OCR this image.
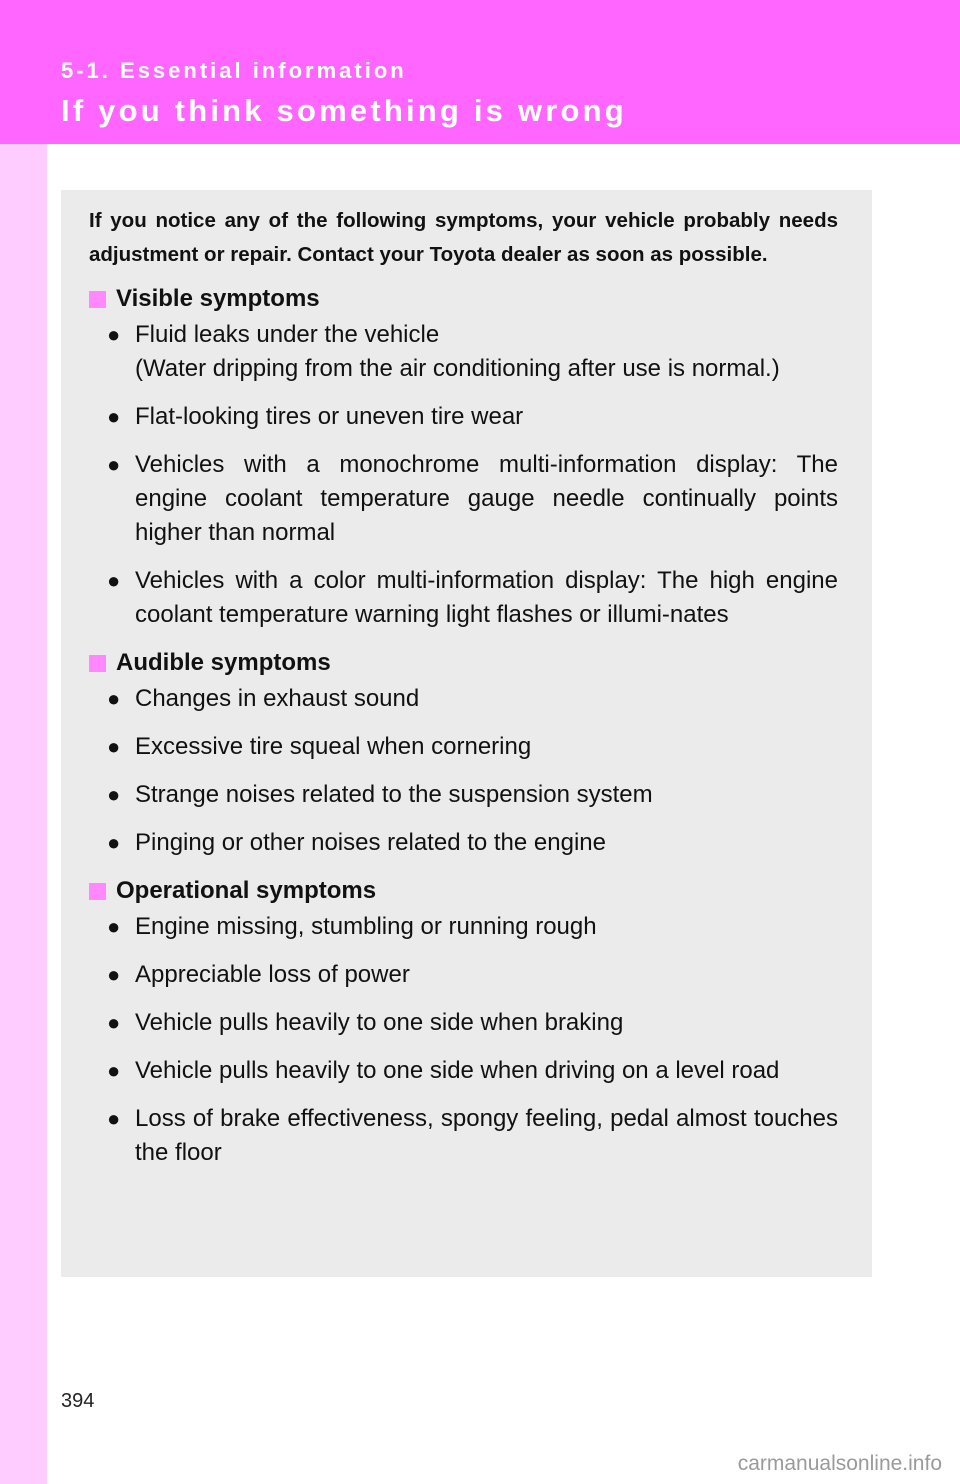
5-1. Essential information
If you think something is wrong

If you notice any of the following symptoms, your vehicle probably needs adjustment or repair. Contact your Toyota dealer as soon as possible.

Visible symptoms
● Fluid leaks under the vehicle
(Water dripping from the air conditioning after use is normal.)
● Flat-looking tires or uneven tire wear
● Vehicles with a monochrome multi-information display: The engine coolant temperature gauge needle continually points higher than normal
● Vehicles with a color multi-information display: The high engine coolant temperature warning light flashes or illumi-nates
Audible symptoms
● Changes in exhaust sound
● Excessive tire squeal when cornering
● Strange noises related to the suspension system
● Pinging or other noises related to the engine
Operational symptoms
● Engine missing, stumbling or running rough
● Appreciable loss of power
● Vehicle pulls heavily to one side when braking
● Vehicle pulls heavily to one side when driving on a level road
● Loss of brake effectiveness, spongy feeling, pedal almost touches the floor
394
carmanualsonline.info
